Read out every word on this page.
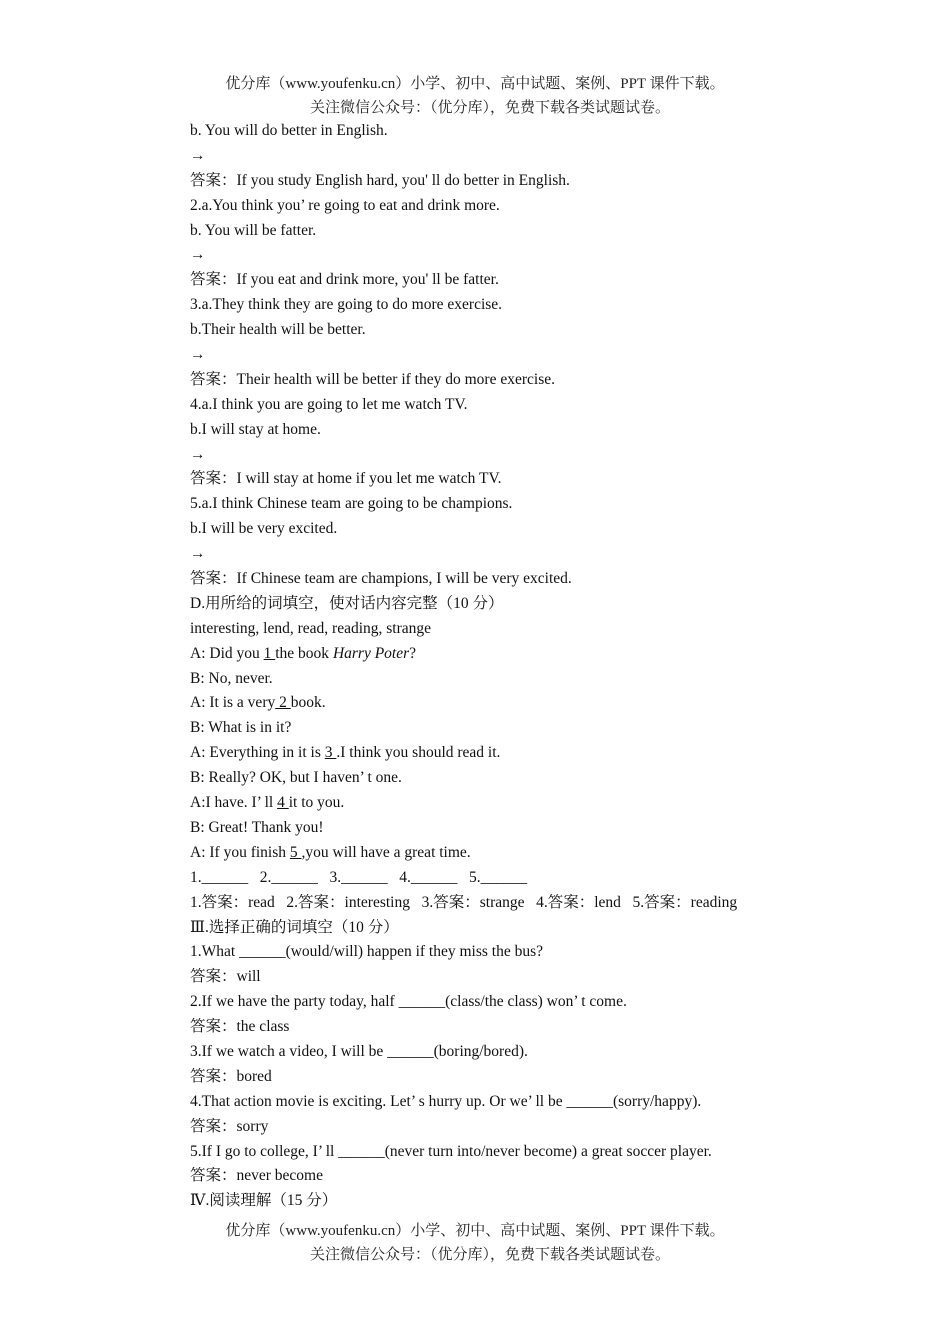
优分库（www.youfenku.cn）小学、初中、高中试题、案例、PPT 课件下载。
关注微信公众号：（优分库），免费下载各类试题试卷。
b. You will do better in English.
→
答案：If you study English hard, you' ll do better in English.
2.a.You think you’ re going to eat and drink more.
b. You will be fatter.
→
答案：If you eat and drink more, you' ll be fatter.
3.a.They think they are going to do more exercise.
b.Their health will be better.
→
答案：Their health will be better if they do more exercise.
4.a.I think you are going to let me watch TV.
b.I will stay at home.
→
答案：I will stay at home if you let me watch TV.
5.a.I think Chinese team are going to be champions.
b.I will be very excited.
→
答案：If Chinese team are champions, I will be very excited.
D.用所给的词填空，使对话内容完整（10 分）
interesting, lend, read, reading, strange
A: Did you 1 the book Harry Poter?
B: No, never.
A: It is a very 2 book.
B: What is in it?
A: Everything in it is 3 .I think you should read it.
B: Really? OK, but I haven’ t one.
A:I have. I’ ll 4 it to you.
B: Great! Thank you!
A: If you finish 5 ,you will have a great time.
1.______   2.______   3.______   4.______   5.______
1.答案：read   2.答案：interesting   3.答案：strange   4.答案：lend   5.答案：reading
Ⅲ.选择正确的词填空（10 分）
1.What ______(would/will) happen if they miss the bus?
答案：will
2.If we have the party today, half ______(class/the class) won’ t come.
答案：the class
3.If we watch a video, I will be ______(boring/bored).
答案：bored
4.That action movie is exciting. Let’ s hurry up. Or we’ ll be ______(sorry/happy).
答案：sorry
5.If I go to college, I’ ll ______(never turn into/never become) a great soccer player.
答案：never become
Ⅳ.阅读理解（15 分）
优分库（www.youfenku.cn）小学、初中、高中试题、案例、PPT 课件下载。
关注微信公众号：（优分库），免费下载各类试题试卷。
